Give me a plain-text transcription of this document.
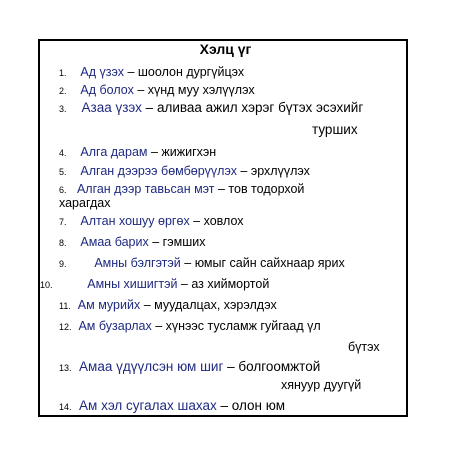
Хэлц үг
1. Ад үзэх – шоолон дургүйцэх
2. Ад болох – хүнд муу хэлүүлэх
3. Азаа үзэх – аливаа ажил хэрэг бүтэх эсэхийг
турших
4. Алга дарам – жижигхэн
5. Алган дээрээ бөмбөрүүлэх – эрхлүүлэх
6. Алган дээр тавьсан мэт – тов тодорхой
харагдах
7. Алтан хошуу өргөх – ховлох
8. Амаа барих – гэмших
9. Амны бэлгэтэй – юмыг сайн сайхнаар ярих
10.	Амны хишигтэй – аз хиймортой
11. Ам мурийх – муудалцах, хэрэлдэх
12. Ам бузарлах – хүнээс тусламж гуйгаад үл
бүтэх
13. Амаа үдүүлсэн юм шиг – болгоомжтой
хянуур дуугүй
14. Ам хэл сугалах шахах – олон юм
